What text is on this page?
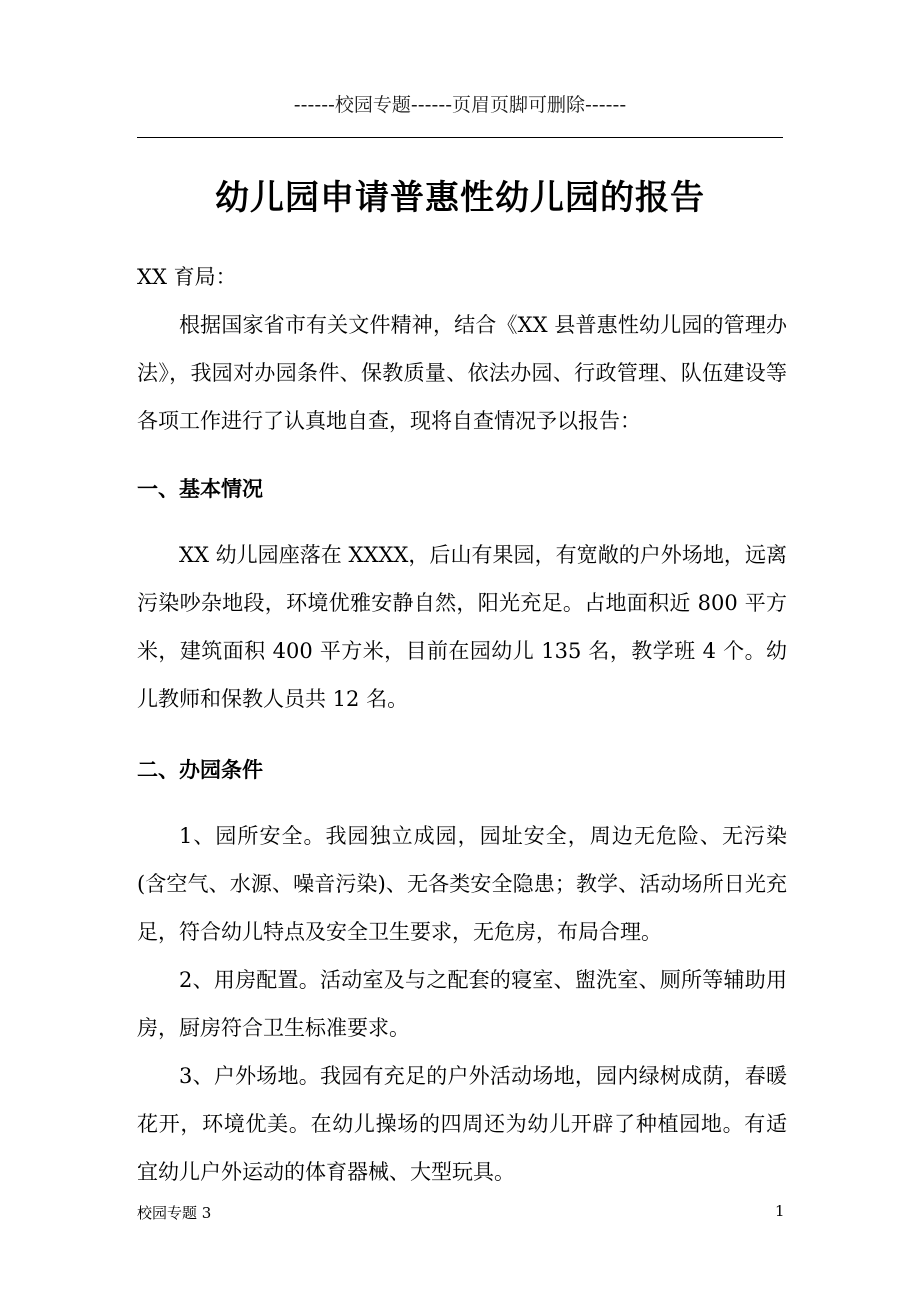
------校园专题------页眉页脚可删除------
幼儿园申请普惠性幼儿园的报告
XX 育局：

根据国家省市有关文件精神，结合《XX 县普惠性幼儿园的管理办法》，我园对办园条件、保教质量、依法办园、行政管理、队伍建设等各项工作进行了认真地自查，现将自查情况予以报告：

一、基本情况

XX 幼儿园座落在 XXXX，后山有果园，有宽敞的户外场地，远离污染吵杂地段，环境优雅安静自然，阳光充足。占地面积近 800 平方米，建筑面积 400 平方米，目前在园幼儿 135 名，教学班 4 个。幼儿教师和保教人员共 12 名。

二、办园条件

1、园所安全。我园独立成园，园址安全，周边无危险、无污染(含空气、水源、噪音污染)、无各类安全隐患；教学、活动场所日光充足，符合幼儿特点及安全卫生要求，无危房，布局合理。

2、用房配置。活动室及与之配套的寝室、盥洗室、厕所等辅助用房，厨房符合卫生标准要求。

3、户外场地。我园有充足的户外活动场地，园内绿树成荫，春暖花开，环境优美。在幼儿操场的四周还为幼儿开辟了种植园地。有适宜幼儿户外运动的体育器械、大型玩具。

校园专题 3	1
